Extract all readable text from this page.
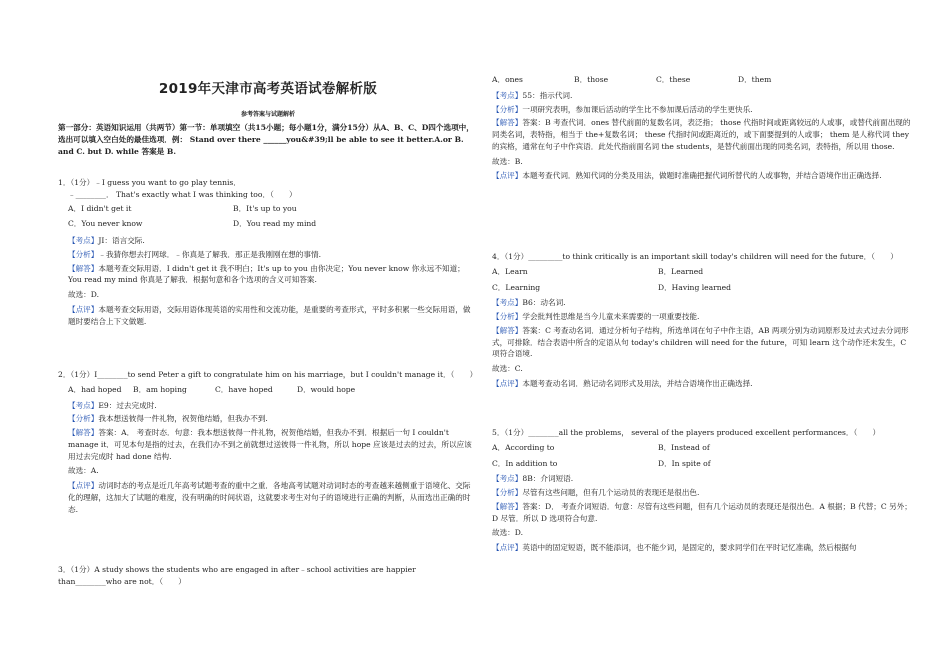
2019年天津市高考英语试卷解析版
参考答案与试题解析

第一部分：英语知识运用（共两节）第一节：单项填空（共15小题；每小题1分，满分15分）从A、B、C、D四个选项中，选出可以填入空白处的最佳选项．例： Stand over there ______you&#39;ll be able to see it better.A.or B. and C. but D. while 答案是 B.

1．（1分）﹣I guess you want to go play tennis．

﹣________． That's exactly what I was thinking too．（　　）

A．I didn't get it	B．It's up to you
C．You never know	D．You read my mind

【考点】JI：语言交际.

【分析】﹣我猜你想去打网球．﹣你真是了解我．那正是我刚刚在想的事情.

【解答】本题考查交际用语．I didn't get it 我不明白；It's up to you 由你决定；You never know 你永远不知道；You read my mind 你真是了解我．根据句意和各个选项的含义可知答案.

故选：D.

【点评】本题考查交际用语，交际用语体现英语的实用性和交流功能，是重要的考查形式，平时多积累一些交际用语，做题时要结合上下文做题.

2．（1分）I________to send Peter a gift to congratulate him on his marriage，but I couldn't manage it．（　　）

A．had hoped	B．am hoping	C．have hoped	D．would hope

【考点】E9：过去完成时.

【分析】我本想送彼得一件礼物，祝贺他结婚，但我办不到.

【解答】答案：A． 考查时态．句意：我本想送彼得一件礼物，祝贺他结婚，但我办不到．根据后一句 I couldn't manage it．可见本句是指的过去，在我们办不到之前就想过送彼得一件礼物，所以 hope 应该是过去的过去，所以应该用过去完成时 had done 结构.

故选：A.

【点评】动词时态的考点是近几年高考试题考查的重中之重．各地高考试题对动词时态的考查越来越侧重于语境化、交际化的理解，这加大了试题的难度，没有明确的时间状语，这就要求考生对句子的语境进行正确的判断，从而选出正确的时态.

3．（1分）A study shows the students who are engaged in after﹣school activities are happier than________who are not．（　　）

A．ones	B．those	C．these	D．them

【考点】55：指示代词.

【分析】一项研究表明，参加课后活动的学生比不参加课后活动的学生更快乐.

【解答】答案：B 考查代词．ones 替代前面的复数名词，表泛指； those 代指时间或距离较远的人或事，或替代前面出现的同类名词，表特指，相当于 the+复数名词； these 代指时间或距离近的，或下面要提到的人或事； them 是人称代词 they 的宾格，通常在句子中作宾语．此处代指前面名词 the students，是替代前面出现的同类名词，表特指，所以用 those.

故选：B.

【点评】本题考查代词．熟知代词的分类及用法，做题时准确把握代词所替代的人或事物，并结合语境作出正确选择.

4．（1分）_________to think critically is an important skill today's children will need for the future．（　　）

A．Learn	B．Learned
C．Learning	D．Having learned

【考点】B6：动名词.

【分析】学会批判性思维是当今儿童未来需要的一项重要技能.

【解答】答案：C 考查动名词．通过分析句子结构，所选单词在句子中作主语，AB 两项分别为动词原形及过去式过去分词形式，可排除．结合表语中所含的定语从句 today's children will need for the future，可知 learn 这个动作还未发生，C 项符合语境.

故选：C.

【点评】本题考查动名词．熟记动名词形式及用法，并结合语境作出正确选择.

5．（1分）________all the problems， several of the players produced excellent performances．（　　）

A．According to	B．Instead of
C．In addition to	D．In spite of

【考点】8B：介词短语.

【分析】尽管有这些问题，但有几个运动员的表现还是很出色.

【解答】答案：D． 考查介词短语．句意：尽管有这些问题，但有几个运动员的表现还是很出色．A 根据；B 代替；C 另外；D 尽管．所以 D 选项符合句意.

故选：D.

【点评】英语中的固定短语，既不能添词，也不能少词，是固定的，要求同学们在平时记忆准确，然后根据句
